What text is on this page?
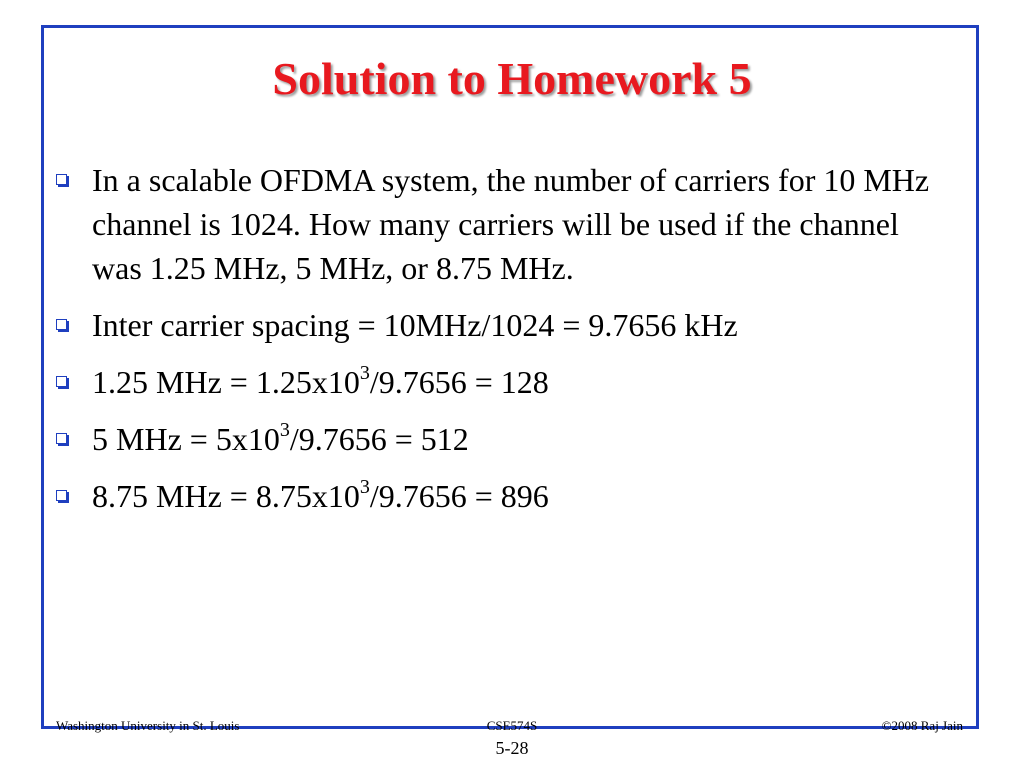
Solution to Homework 5
In a scalable OFDMA system, the number of carriers for 10 MHz channel is 1024. How many carriers will be used if the channel was 1.25 MHz, 5 MHz, or 8.75 MHz.
Inter carrier spacing = 10MHz/1024 = 9.7656 kHz
1.25 MHz = $1.25x10^3/9.7656 = 128$
5 MHz = $5x10^3/9.7656 = 512$
8.75 MHz = $8.75x10^3/9.7656 = 896$
Washington University in St. Louis	CSE574S	©2008 Raj Jain
5-28
